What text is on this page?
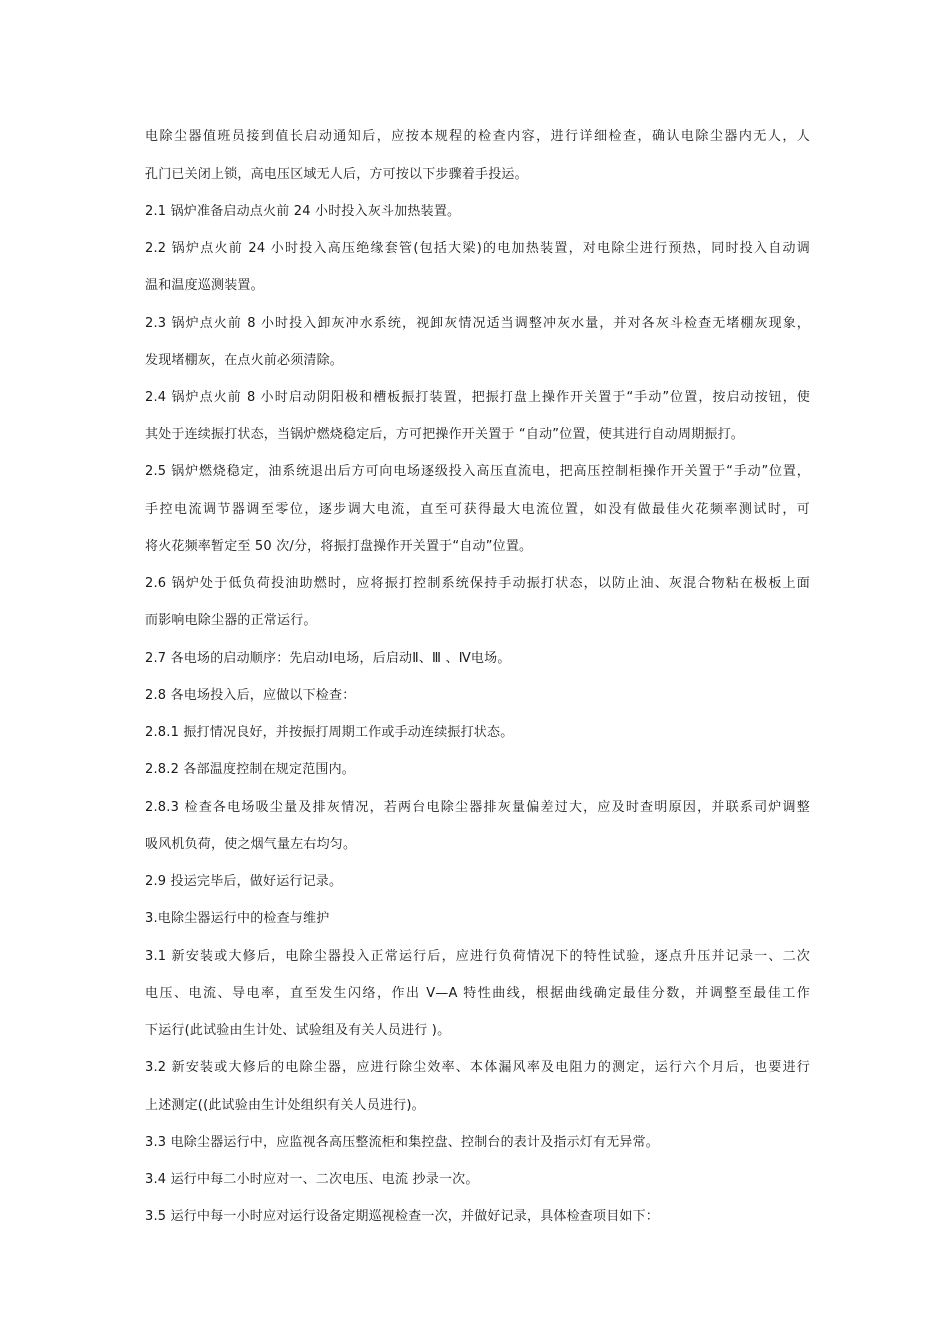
电除尘器值班员接到值长启动通知后，应按本规程的检查内容，进行详细检查，确认电除尘器内无人，人
孔门已关闭上锁，高电压区域无人后，方可按以下步骤着手投运。
2.1 锅炉准备启动点火前 24 小时投入灰斗加热装置。
2.2 锅炉点火前 24 小时投入高压绝缘套管(包括大梁)的电加热装置，对电除尘进行预热，同时投入自动调
温和温度巡测装置。
2.3 锅炉点火前 8 小时投入卸灰冲水系统，视卸灰情况适当调整冲灰水量，并对各灰斗检查无堵棚灰现象，
发现堵棚灰，在点火前必须清除。
2.4 锅炉点火前 8 小时启动阴阳极和槽板振打装置，把振打盘上操作开关置于“手动”位置，按启动按钮，使
其处于连续振打状态，当锅炉燃烧稳定后，方可把操作开关置于 “自动”位置，使其进行自动周期振打。
2.5 锅炉燃烧稳定，油系统退出后方可向电场逐级投入高压直流电，把高压控制柜操作开关置于“手动”位置，
手控电流调节器调至零位，逐步调大电流，直至可获得最大电流位置，如没有做最佳火花频率测试时，可
将火花频率暂定至 50 次/分，将振打盘操作开关置于“自动”位置。
2.6 锅炉处于低负荷投油助燃时，应将振打控制系统保持手动振打状态，以防止油、灰混合物粘在极板上面
而影响电除尘器的正常运行。
2.7 各电场的启动顺序：先启动Ⅰ电场，后启动Ⅱ、Ⅲ 、Ⅳ电场。
2.8 各电场投入后，应做以下检查：
2.8.1 振打情况良好，并按振打周期工作或手动连续振打状态。
2.8.2 各部温度控制在规定范围内。
2.8.3 检查各电场吸尘量及排灰情况，若两台电除尘器排灰量偏差过大，应及时查明原因，并联系司炉调整
吸风机负荷，使之烟气量左右均匀。
2.9 投运完毕后，做好运行记录。
3.电除尘器运行中的检查与维护
3.1 新安装或大修后，电除尘器投入正常运行后，应进行负荷情况下的特性试验，逐点升压并记录一、二次
电压、电流、导电率，直至发生闪络，作出 V—A 特性曲线，根据曲线确定最佳分数，并调整至最佳工作
下运行(此试验由生计处、试验组及有关人员进行 )。
3.2 新安装或大修后的电除尘器，应进行除尘效率、本体漏风率及电阻力的测定，运行六个月后，也要进行
上述测定((此试验由生计处组织有关人员进行)。
3.3 电除尘器运行中，应监视各高压整流柜和集控盘、控制台的表计及指示灯有无异常。
3.4 运行中每二小时应对一、二次电压、电流 抄录一次。
3.5 运行中每一小时应对运行设备定期巡视检查一次，并做好记录，具体检查项目如下：
